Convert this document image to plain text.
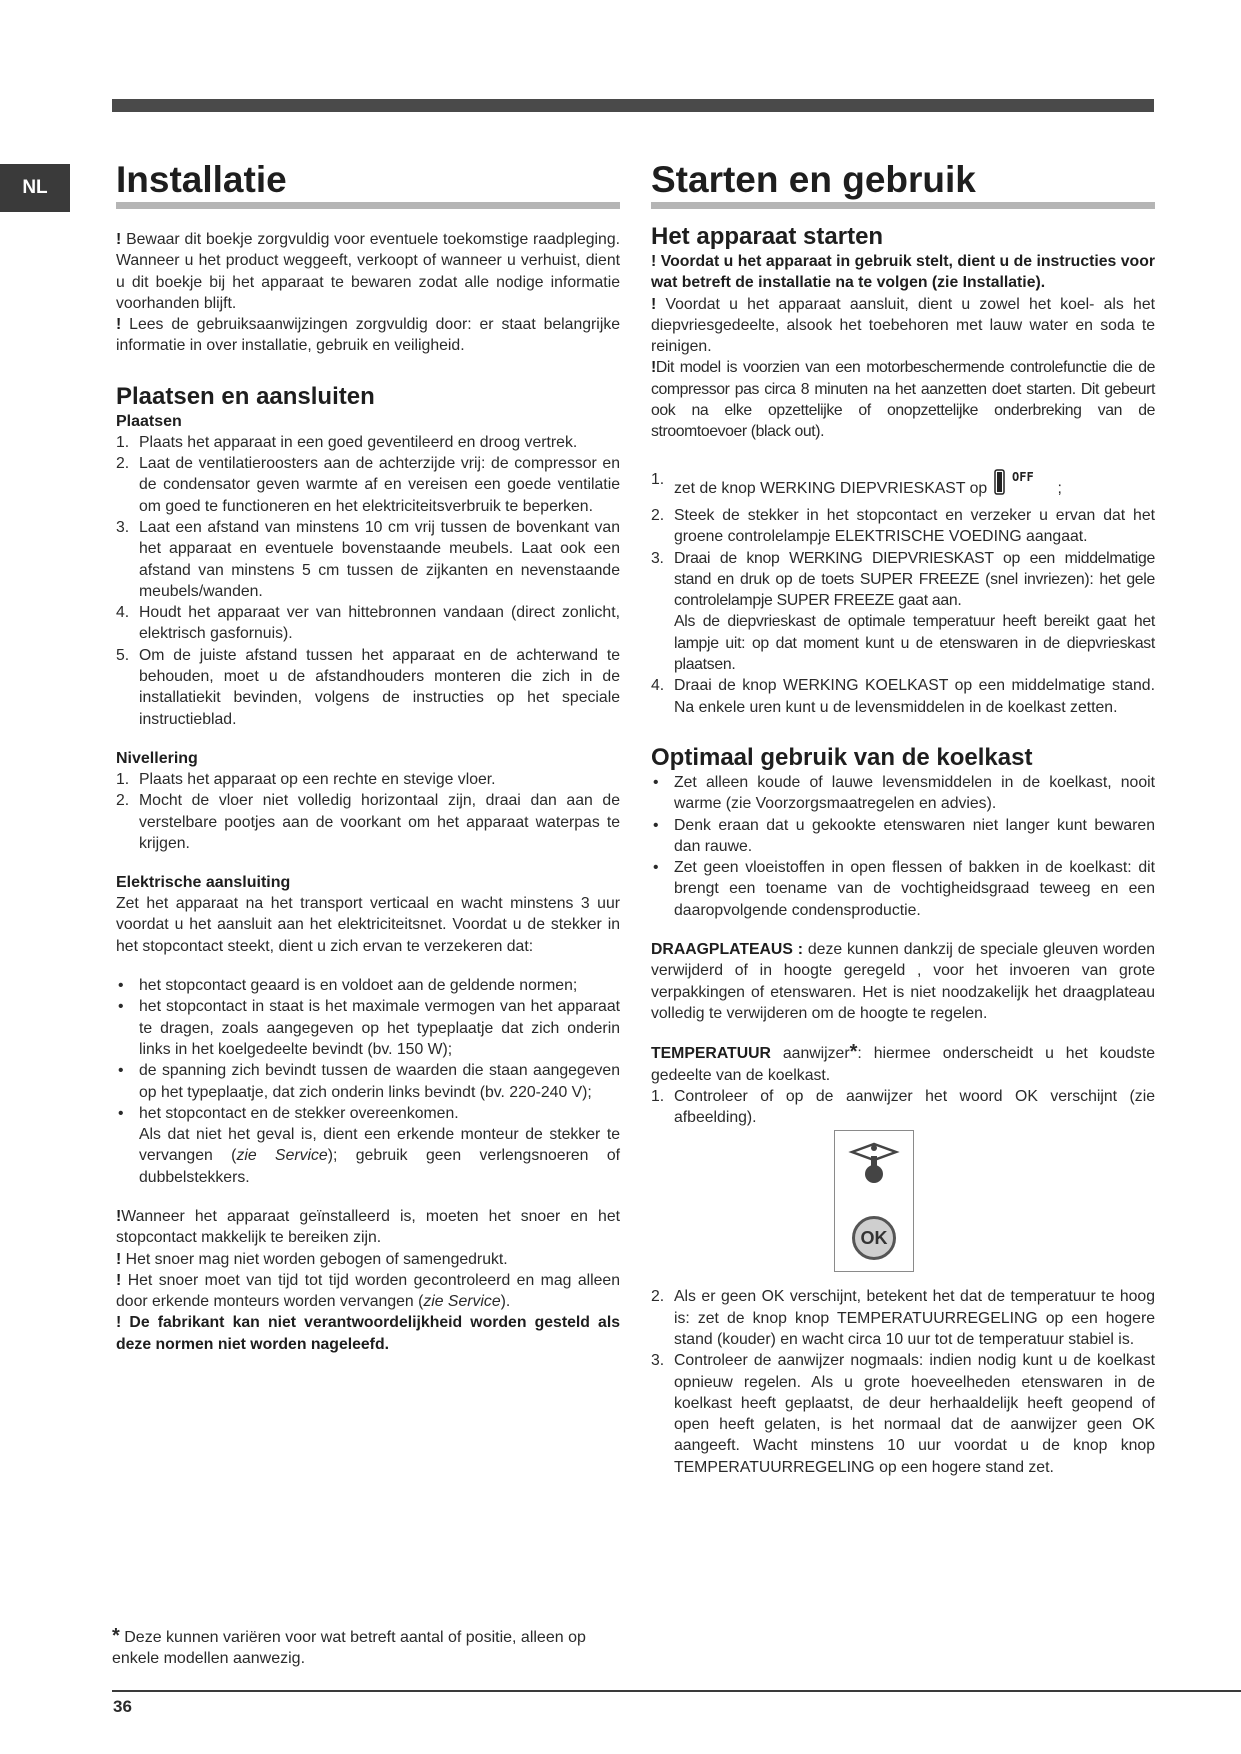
NL	Installatie

! Bewaar dit boekje zorgvuldig voor eventuele toekomstige raadpleging. Wanneer u het product weggeeft, verkoopt of wanneer u verhuist, dient u dit boekje bij het apparaat te bewaren zodat alle nodige informatie voorhanden blijft.

! Lees de gebruiksaanwijzingen zorgvuldig door: er staat belangrijke informatie in over installatie, gebruik en veiligheid.

Plaatsen en aansluiten
Plaatsen
1. Plaats het apparaat in een goed geventileerd en droog vertrek.
2. Laat de ventilatieroosters aan de achterzijde vrij: de compressor en de condensator geven warmte af en vereisen een goede ventilatie om goed te functioneren en het elektriciteitsverbruik te beperken.
3. Laat een afstand van minstens 10 cm vrij tussen de bovenkant van het apparaat en eventuele bovenstaande meubels. Laat ook een afstand van minstens 5 cm tussen de zijkanten en nevenstaande meubels/wanden.
4. Houdt het apparaat ver van hittebronnen vandaan (direct zonlicht, elektrisch gasfornuis).
5. Om de juiste afstand tussen het apparaat en de achterwand te behouden, moet u de afstandhouders monteren die zich in de installatiekit bevinden, volgens de instructies op het speciale instructieblad.
Nivellering
1. Plaats het apparaat op een rechte en stevige vloer.
2. Mocht de vloer niet volledig horizontaal zijn, draai dan aan de verstelbare pootjes aan de voorkant om het apparaat waterpas te krijgen.
Elektrische aansluiting

Zet het apparaat na het transport verticaal en wacht minstens 3 uur voordat u het aansluit aan het elektriciteitsnet. Voordat u de stekker in het stopcontact steekt, dient u zich ervan te verzekeren dat:

• het stopcontact geaard is en voldoet aan de geldende normen;
• het stopcontact in staat is het maximale vermogen van het apparaat te dragen, zoals aangegeven op het typeplaatje dat zich onderin links in het koelgedeelte bevindt (bv. 150 W);
• de spanning zich bevindt tussen de waarden die staan aangegeven op het typeplaatje, dat zich onderin links bevindt (bv. 220-240 V);
• het stopcontact en de stekker overeenkomen.
Als dat niet het geval is, dient een erkende monteur de stekker te vervangen (zie Service); gebruik geen verlengsnoeren of dubbelstekkers.

!Wanneer het apparaat geïnstalleerd is, moeten het snoer en het stopcontact makkelijk te bereiken zijn.

! Het snoer mag niet worden gebogen of samengedrukt.

! Het snoer moet van tijd tot tijd worden gecontroleerd en mag alleen door erkende monteurs worden vervangen (zie Service).

! De fabrikant kan niet verantwoordelijkheid worden gesteld als deze normen niet worden nageleefd.

Starten en gebruik
Het apparaat starten

! Voordat u het apparaat in gebruik stelt, dient u de instructies voor wat betreft de installatie na te volgen (zie Installatie).

! Voordat u het apparaat aansluit, dient u zowel het koel- als het diepvriesgedeelte, alsook het toebehoren met lauw water en soda te reinigen.

!Dit model is voorzien van een motorbeschermende controlefunctie die de compressor pas circa 8 minuten na het aanzetten doet starten. Dit gebeurt ook na elke opzettelijke of onopzettelijke onderbreking van de stroomtoevoer (black out).

1.
zet de knop WERKING DIEPVRIESKAST op
OFF
;
2. Steek de stekker in het stopcontact en verzeker u ervan dat het groene controlelampje ELEKTRISCHE VOEDING aangaat.
3. Draai de knop WERKING DIEPVRIESKAST op een middelmatige stand en druk op de toets SUPER FREEZE (snel invriezen): het gele controlelampje SUPER FREEZE gaat aan.
Als de diepvrieskast de optimale temperatuur heeft bereikt gaat het lampje uit: op dat moment kunt u de etenswaren in de diepvrieskast plaatsen.
4. Draai de knop WERKING KOELKAST op een middelmatige stand. Na enkele uren kunt u de levensmiddelen in de koelkast zetten.
Optimaal gebruik van de koelkast
• Zet alleen koude of lauwe levensmiddelen in de koelkast, nooit warme (zie Voorzorgsmaatregelen en advies).
• Denk eraan dat u gekookte etenswaren niet langer kunt bewaren dan rauwe.
• Zet geen vloeistoffen in open flessen of bakken in de koelkast: dit brengt een toename van de vochtigheidsgraad teweeg en een daaropvolgende condensproductie.

DRAAGPLATEAUS : deze kunnen dankzij de speciale gleuven worden verwijderd of in hoogte geregeld , voor het invoeren van grote verpakkingen of etenswaren. Het is niet noodzakelijk het draagplateau volledig te verwijderen om de hoogte te regelen.

TEMPERATUUR aanwijzer*: hiermee onderscheidt u het koudste gedeelte van de koelkast.

1. Controleer of op de aanwijzer het woord OK verschijnt (zie afbeelding).
OK
2. Als er geen OK verschijnt, betekent het dat de temperatuur te hoog is: zet de knop knop TEMPERATUURREGELING op een hogere stand (kouder) en wacht circa 10 uur tot de temperatuur stabiel is.
3. Controleer de aanwijzer nogmaals: indien nodig kunt u de koelkast opnieuw regelen. Als u grote hoeveelheden etenswaren in de koelkast heeft geplaatst, de deur herhaaldelijk heeft geopend of open heeft gelaten, is het normaal dat de aanwijzer geen OK aangeeft. Wacht minstens 10 uur voordat u de knop knop TEMPERATUURREGELING op een hogere stand zet.
* Deze kunnen variëren voor wat betreft aantal of positie, alleen op enkele modellen aanwezig.
36
